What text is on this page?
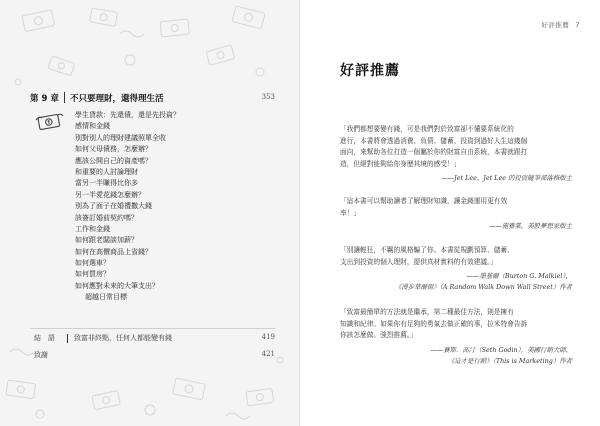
第 9 章 不只要理財，還得理生活	353
學生貸款：先還債，還是先投資？
感情和金錢
別對別人的理財建議照單全收
如何父母債務，怎麼辦？
應該公開自己的資產嗎？
和重要的人討論理財
當另一半賺得比你多
另一半愛花錢怎麼辦？
別為了面子在婚禮撒大錢
該簽訂婚前契約嗎？
工作和金錢
如何跟老闆談加薪？
如何在高價商品上省錢？
如何選車？
如何買房？
如何應對未來的大筆支出？
超越日常目標
結　語	致富非終點，任何人都能變有錢	419
致謝	421
好評推薦 7
好評推薦

「我們都想要變有錢，可是我們對於致富卻不懂要系統化的

進行，本書將會透過消費、負債、儲蓄、投資到過好人生這幾個

面向，來幫助各位打造一個屬於你的財富自由系統，本書就跟打

造，但絕對能夠給你身歷其境的感受！」

——Jet Lee，Jet Lee 的投資隨筆部落格版主

「這本書可以幫助讀者了解理財知識，讓金錢運用更有效

率！」

——施雅棠，美股夢想家版主

「別讓輕狂，不羈的風格騙了你。本書從規劃預算、儲蓄、

支出到投資的個人理財，提供真材實料的有效建議。」

——墨基爾（Burton G. Malkiel），
《漫步華爾街》（A Random Walk Down Wall Street）作者

「致富最簡單的方法就是繼承，第二種最佳方法，則是擁有

知識和紀律。如果你有足夠的勇氣去做正確的事，拉米特會告訴

你該怎麼做。強烈推薦。」

——賽斯．高汀（Seth Godin），美國行銷大師、
《這才是行銷》（This is Marketing）作者
